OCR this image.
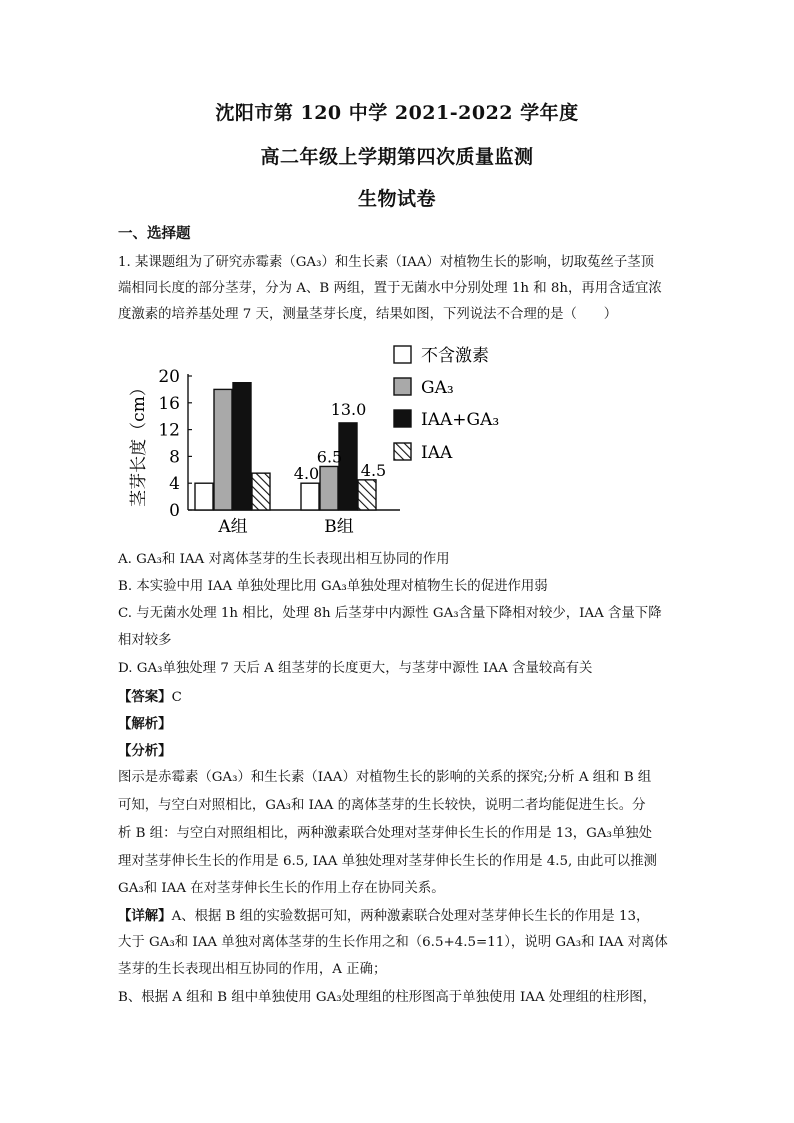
沈阳市第 120 中学 2021-2022 学年度
高二年级上学期第四次质量监测
生物试卷
一、选择题
1. 某课题组为了研究赤霉素（GA₃）和生长素（IAA）对植物生长的影响，切取菟丝子茎顶
端相同长度的部分茎芽，分为 A、B 两组，置于无菌水中分别处理 1h 和 8h，再用含适宜浓
度激素的培养基处理 7 天，测量茎芽长度，结果如图，下列说法不合理的是（　　）
0
4
8
12
16
20
茎芽长度（cm）
A组	B组
4.0
6.5
13.0
4.5
不含激素
GA₃
IAA+GA₃
IAA
A. GA₃和 IAA 对离体茎芽的生长表现出相互协同的作用
B. 本实验中用 IAA 单独处理比用 GA₃单独处理对植物生长的促进作用弱
C. 与无菌水处理 1h 相比，处理 8h 后茎芽中内源性 GA₃含量下降相对较少，IAA 含量下降
相对较多
D. GA₃单独处理 7 天后 A 组茎芽的长度更大，与茎芽中源性 IAA 含量较高有关
【答案】C
【解析】
【分析】
图示是赤霉素（GA₃）和生长素（IAA）对植物生长的影响的关系的探究;分析 A 组和 B 组
可知，与空白对照相比，GA₃和 IAA 的离体茎芽的生长较快，说明二者均能促进生长。分
析 B 组：与空白对照组相比，两种激素联合处理对茎芽伸长生长的作用是 13，GA₃单独处
理对茎芽伸长生长的作用是 6.5, IAA 单独处理对茎芽伸长生长的作用是 4.5, 由此可以推测
GA₃和 IAA 在对茎芽伸长生长的作用上存在协同关系。
【详解】A、根据 B 组的实验数据可知，两种激素联合处理对茎芽伸长生长的作用是 13，
大于 GA₃和 IAA 单独对离体茎芽的生长作用之和（6.5+4.5=11），说明 GA₃和 IAA 对离体
茎芽的生长表现出相互协同的作用，A 正确；
B、根据 A 组和 B 组中单独使用 GA₃处理组的柱形图高于单独使用 IAA 处理组的柱形图，
